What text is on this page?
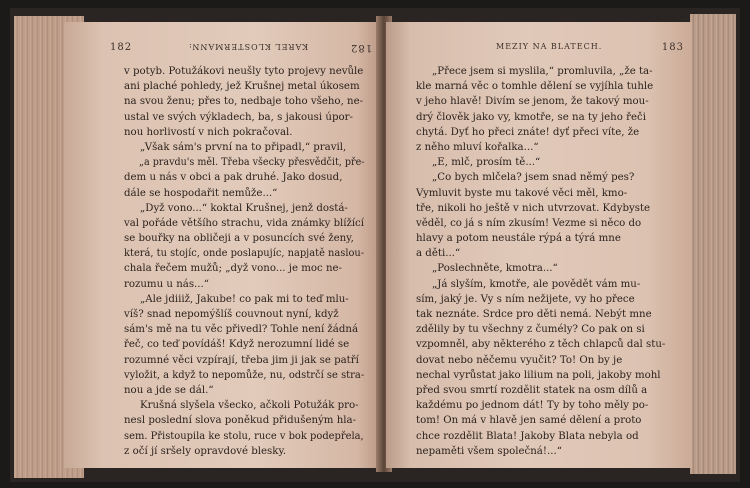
182	KAREL KLOSTERMANN:	182
v potyb. Potužákovi neušly tyto projevy nevůle
ani plaché pohledy, jež Krušnej metal úkosem
na svou ženu; přes to, nedbaje toho všeho, ne-
ustal ve svých výkladech, ba, s jakousi úpor-
nou horlivostí v nich pokračoval.
„Však sám's první na to připadl,“ pravil,
„a pravdu's měl. Třeba všecky přesvědčit, pře-
dem u nás v obci a pak druhé. Jako dosud,
dále se hospodařit nemůže...“
„Dyž vono...“ koktal Krušnej, jenž dostá-
val pořáde většího strachu, vida známky blížící
se bouřky na obličeji a v posuncích své ženy,
která, tu stojíc, onde poslapujíc, napjatě naslou-
chala řečem mužů; „dyž vono... je moc ne-
rozumu u nás...“
„Ale jdiiiž, Jakube! co pak mi to teď mlu-
víš? snad nepomýšlíš couvnout nyní, když
sám's mě na tu věc přivedl? Tohle není žádná
řeč, co teď povídáš! Když nerozumní lidé se
rozumné věci vzpírají, třeba jim ji jak se patří
vyložit, a když to nepomůže, nu, odstrčí se stra-
nou a jde se dál.“
Krušná slyšela všecko, ačkoli Potužák pro-
nesl poslední slova poněkud přidušeným hla-
sem. Přistoupila ke stolu, ruce v bok podepřela,
z očí jí sršely opravdové blesky.
MEZIY NA BLATECH.	183
„Přece jsem si myslila,“ promluvila, „že ta-
kle marná věc o tomhle dělení se vyjíhla tuhle
v jeho hlavě! Divím se jenom, že takový mou-
drý člověk jako vy, kmotře, se na ty jeho řeči
chytá. Dyť ho přeci znáte! dyť přeci víte, že
z něho mluví kořalka...“
„E, mlč, prosím tě...“
„Co bych mlčela? jsem snad němý pes?
Vymluvit byste mu takové věci měl, kmo-
tře, nikoli ho ještě v nich utvrzovat. Kdybyste
věděl, co já s ním zkusím! Vezme si něco do
hlavy a potom neustále rýpá a týrá mne
a děti...“
„Poslechněte, kmotra...“
„Já slyším, kmotře, ale povědět vám mu-
sím, jaký je. Vy s ním nežijete, vy ho přece
tak neznáte. Srdce pro děti nemá. Nebýt mne
zdělily by tu všechny z čumély? Co pak on si
vzpomněl, aby některého z těch chlapců dal stu-
dovat nebo něčemu vyučit? To! On by je
nechal vyrůstat jako lilium na poli, jakoby mohl
před svou smrtí rozdělit statek na osm dílů a
každému po jednom dát! Ty by toho měly po-
tom! On má v hlavě jen samé dělení a proto
chce rozdělit Blata! Jakoby Blata nebyla od
nepaměti všem společná!...“
